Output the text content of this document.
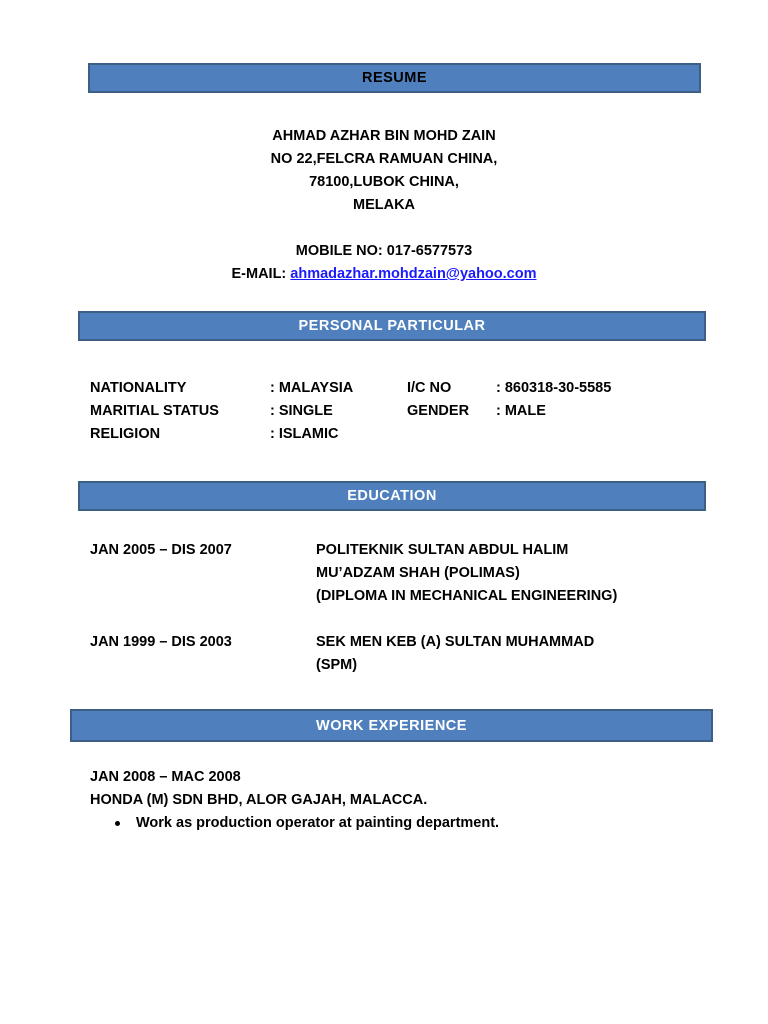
RESUME
AHMAD AZHAR BIN MOHD ZAIN
NO 22,FELCRA RAMUAN CHINA,
78100,LUBOK CHINA,
MELAKA
MOBILE NO: 017-6577573
E-MAIL: ahmadazhar.mohdzain@yahoo.com
PERSONAL PARTICULAR
NATIONALITY	: MALAYSIA	I/C NO	: 860318-30-5585
MARITIAL STATUS	: SINGLE	GENDER : MALE
RELIGION	: ISLAMIC
EDUCATION
JAN 2005 – DIS 2007	POLITEKNIK SULTAN ABDUL HALIM
MU’ADZAM SHAH (POLIMAS)
(DIPLOMA IN MECHANICAL ENGINEERING)
JAN 1999 – DIS 2003	SEK MEN KEB (A) SULTAN MUHAMMAD
(SPM)
WORK EXPERIENCE
JAN 2008 – MAC 2008
HONDA (M) SDN BHD, ALOR GAJAH, MALACCA.
Work as production operator at painting department.
